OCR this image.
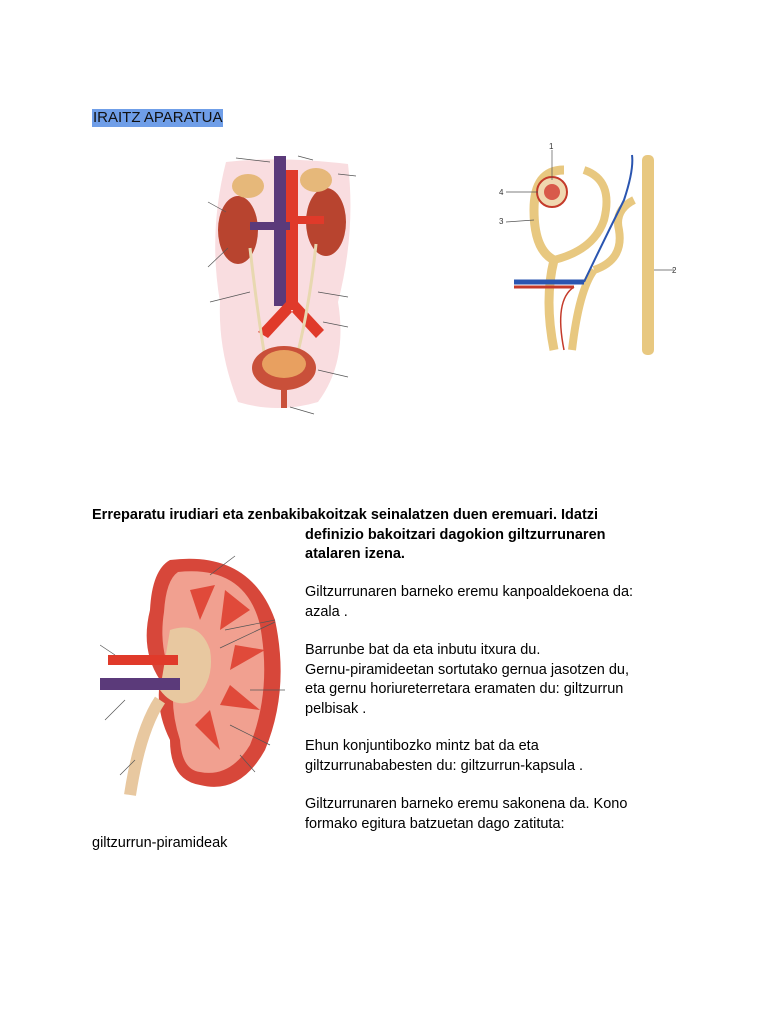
IRAITZ APARATUA
1
4
3
2
Erreparatu irudiari eta zenbakibakoitzak seinalatzen duen eremuari. Idatzi
definizio bakoitzari dagokion giltzurrunaren
atalaren izena.
Giltzurrunaren barneko eremu kanpoaldekoena da:
azala .
Barrunbe bat da eta inbutu itxura du.
Gernu-piramideetan sortutako gernua jasotzen du,
eta gernu horiureterretara eramaten du: giltzurrun
pelbisak .
Ehun konjuntibozko mintz bat da eta
giltzurrunababesten du: giltzurrun-kapsula .
Giltzurrunaren barneko eremu sakonena da. Kono
formako egitura batzuetan dago zatituta:
giltzurrun-piramideak
